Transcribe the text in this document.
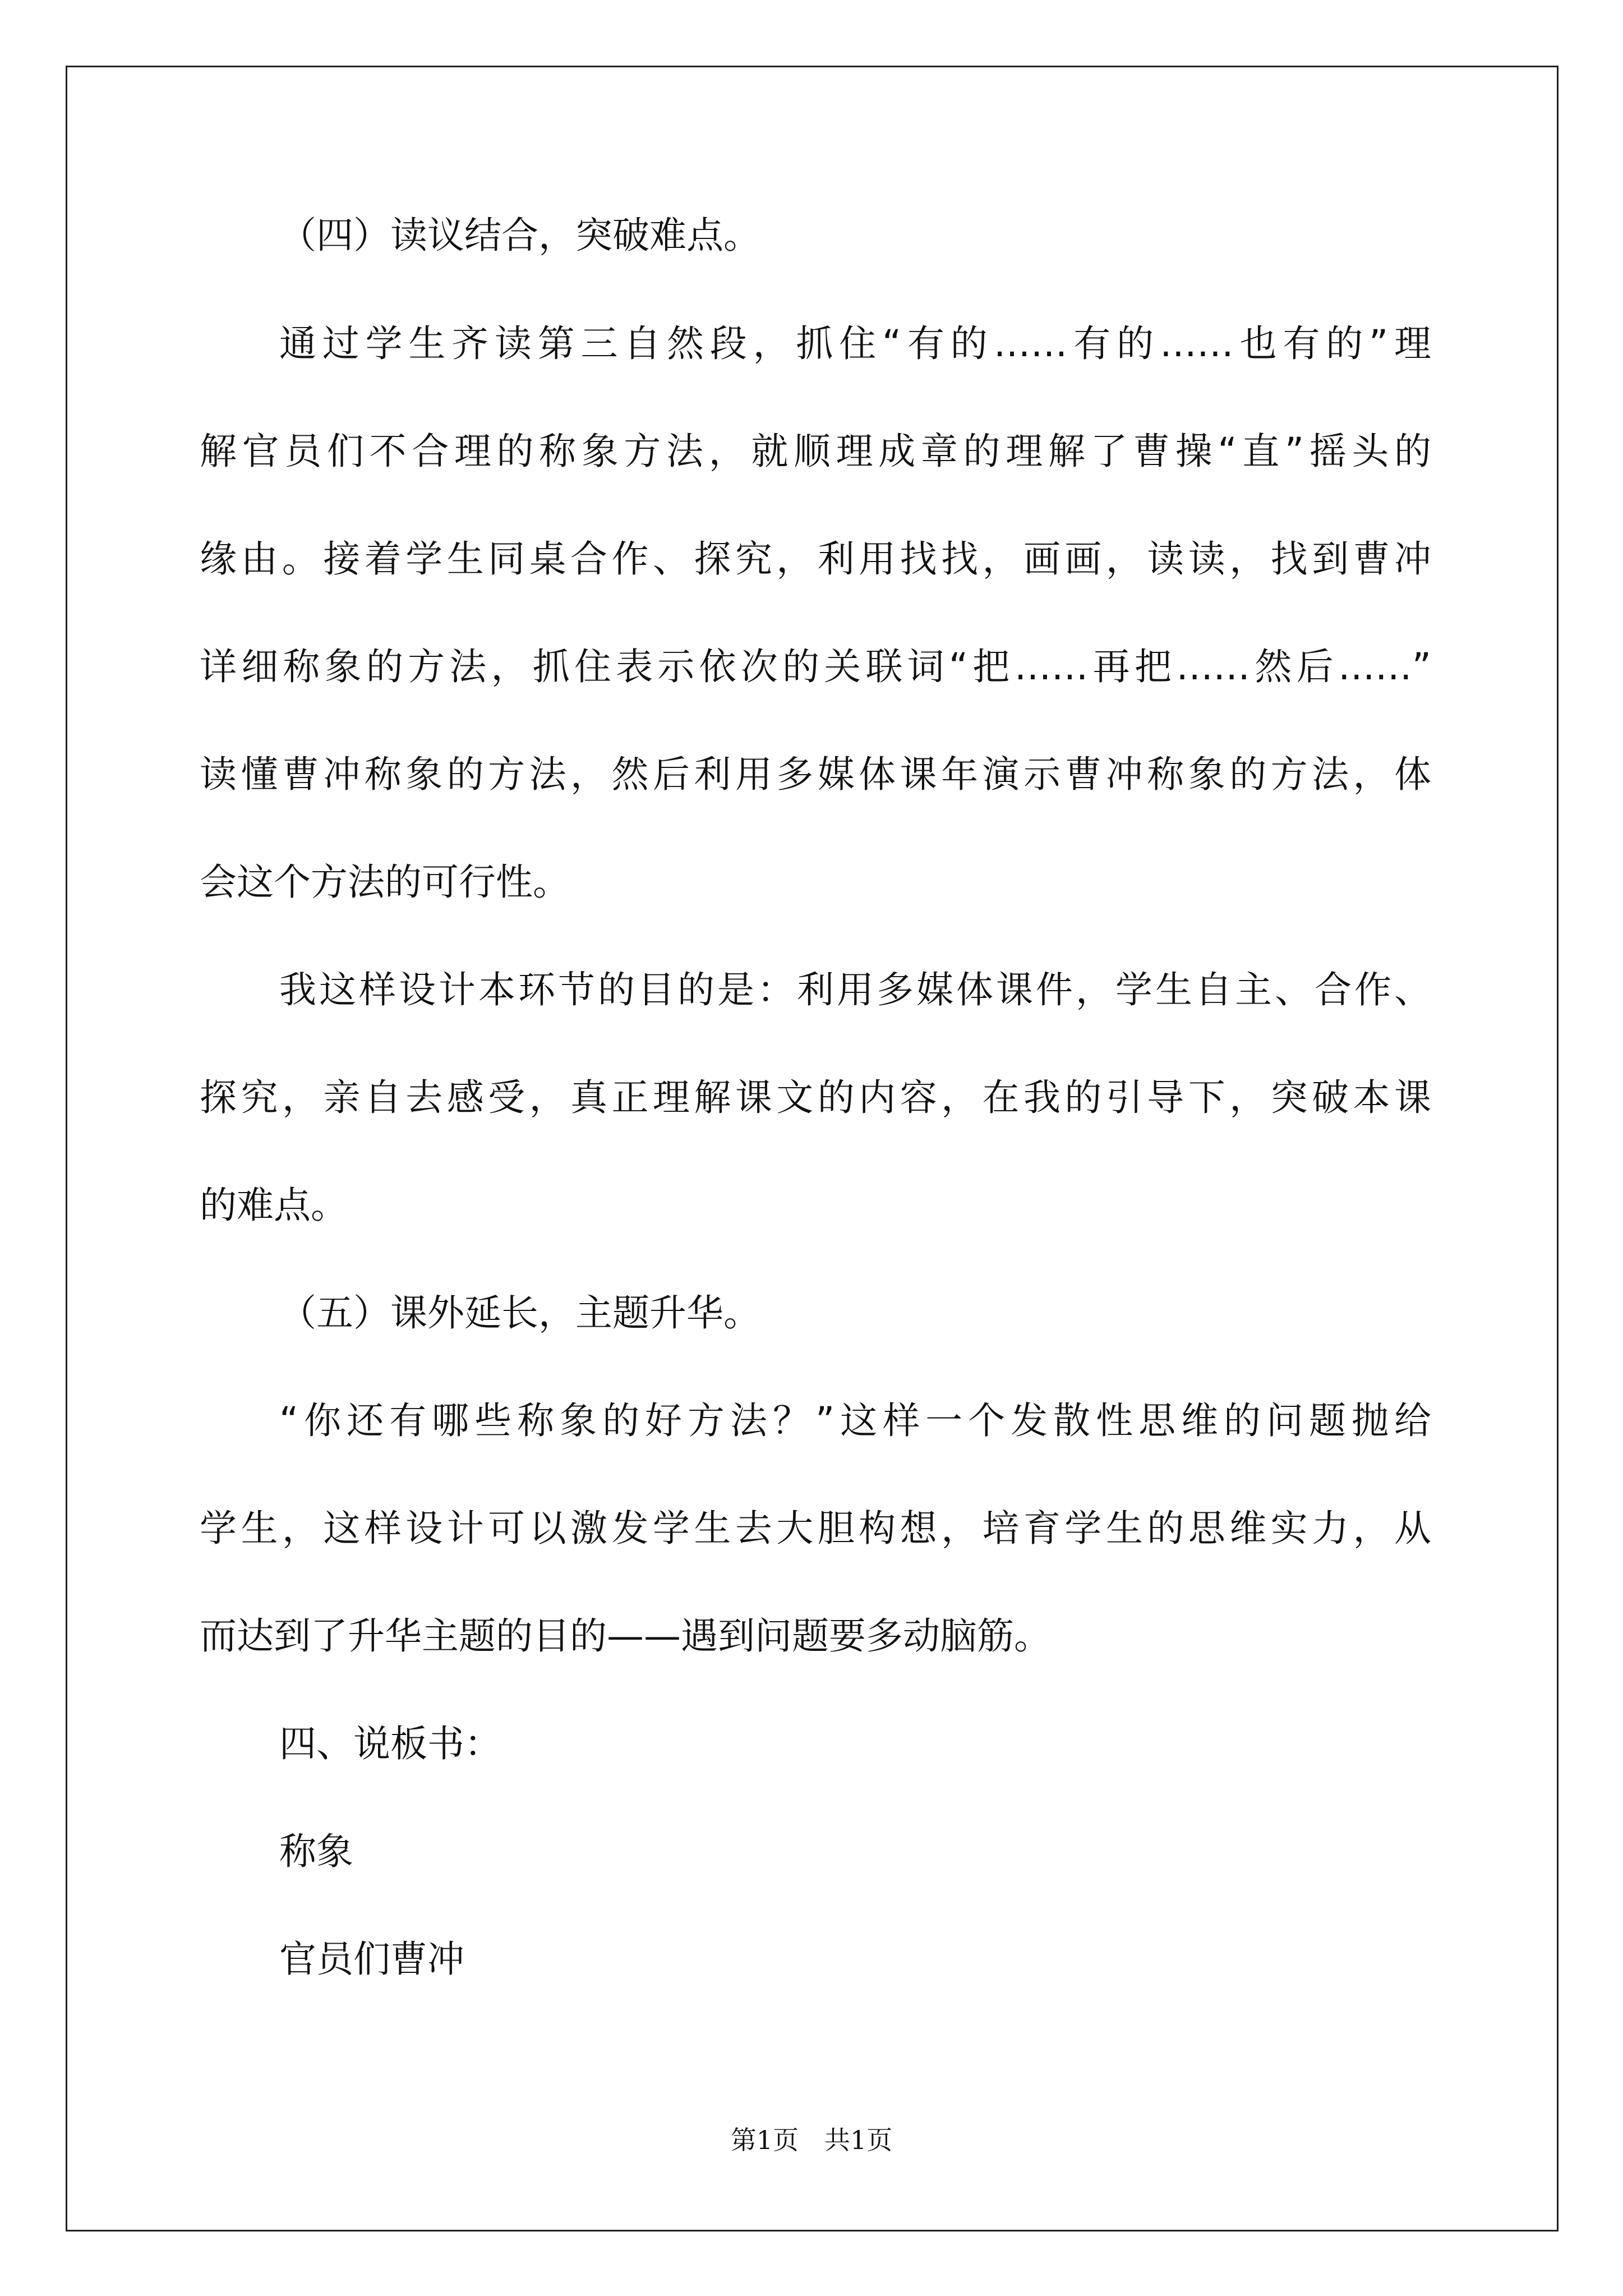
（四）读议结合，突破难点。
通过学生齐读第三自然段，抓住“有的……有的……也有的”理
解官员们不合理的称象方法，就顺理成章的理解了曹操“直”摇头的
缘由。接着学生同桌合作、探究，利用找找，画画，读读，找到曹冲
详细称象的方法，抓住表示依次的关联词“把……再把……然后……”
读懂曹冲称象的方法，然后利用多媒体课年演示曹冲称象的方法，体
会这个方法的可行性。
我这样设计本环节的目的是：利用多媒体课件，学生自主、合作、
探究，亲自去感受，真正理解课文的内容，在我的引导下，突破本课
的难点。
（五）课外延长，主题升华。
“你还有哪些称象的好方法？”这样一个发散性思维的问题抛给
学生，这样设计可以激发学生去大胆构想，培育学生的思维实力，从
而达到了升华主题的目的——遇到问题要多动脑筋。
四、说板书：
称象
官员们曹冲
第1页　共1页
